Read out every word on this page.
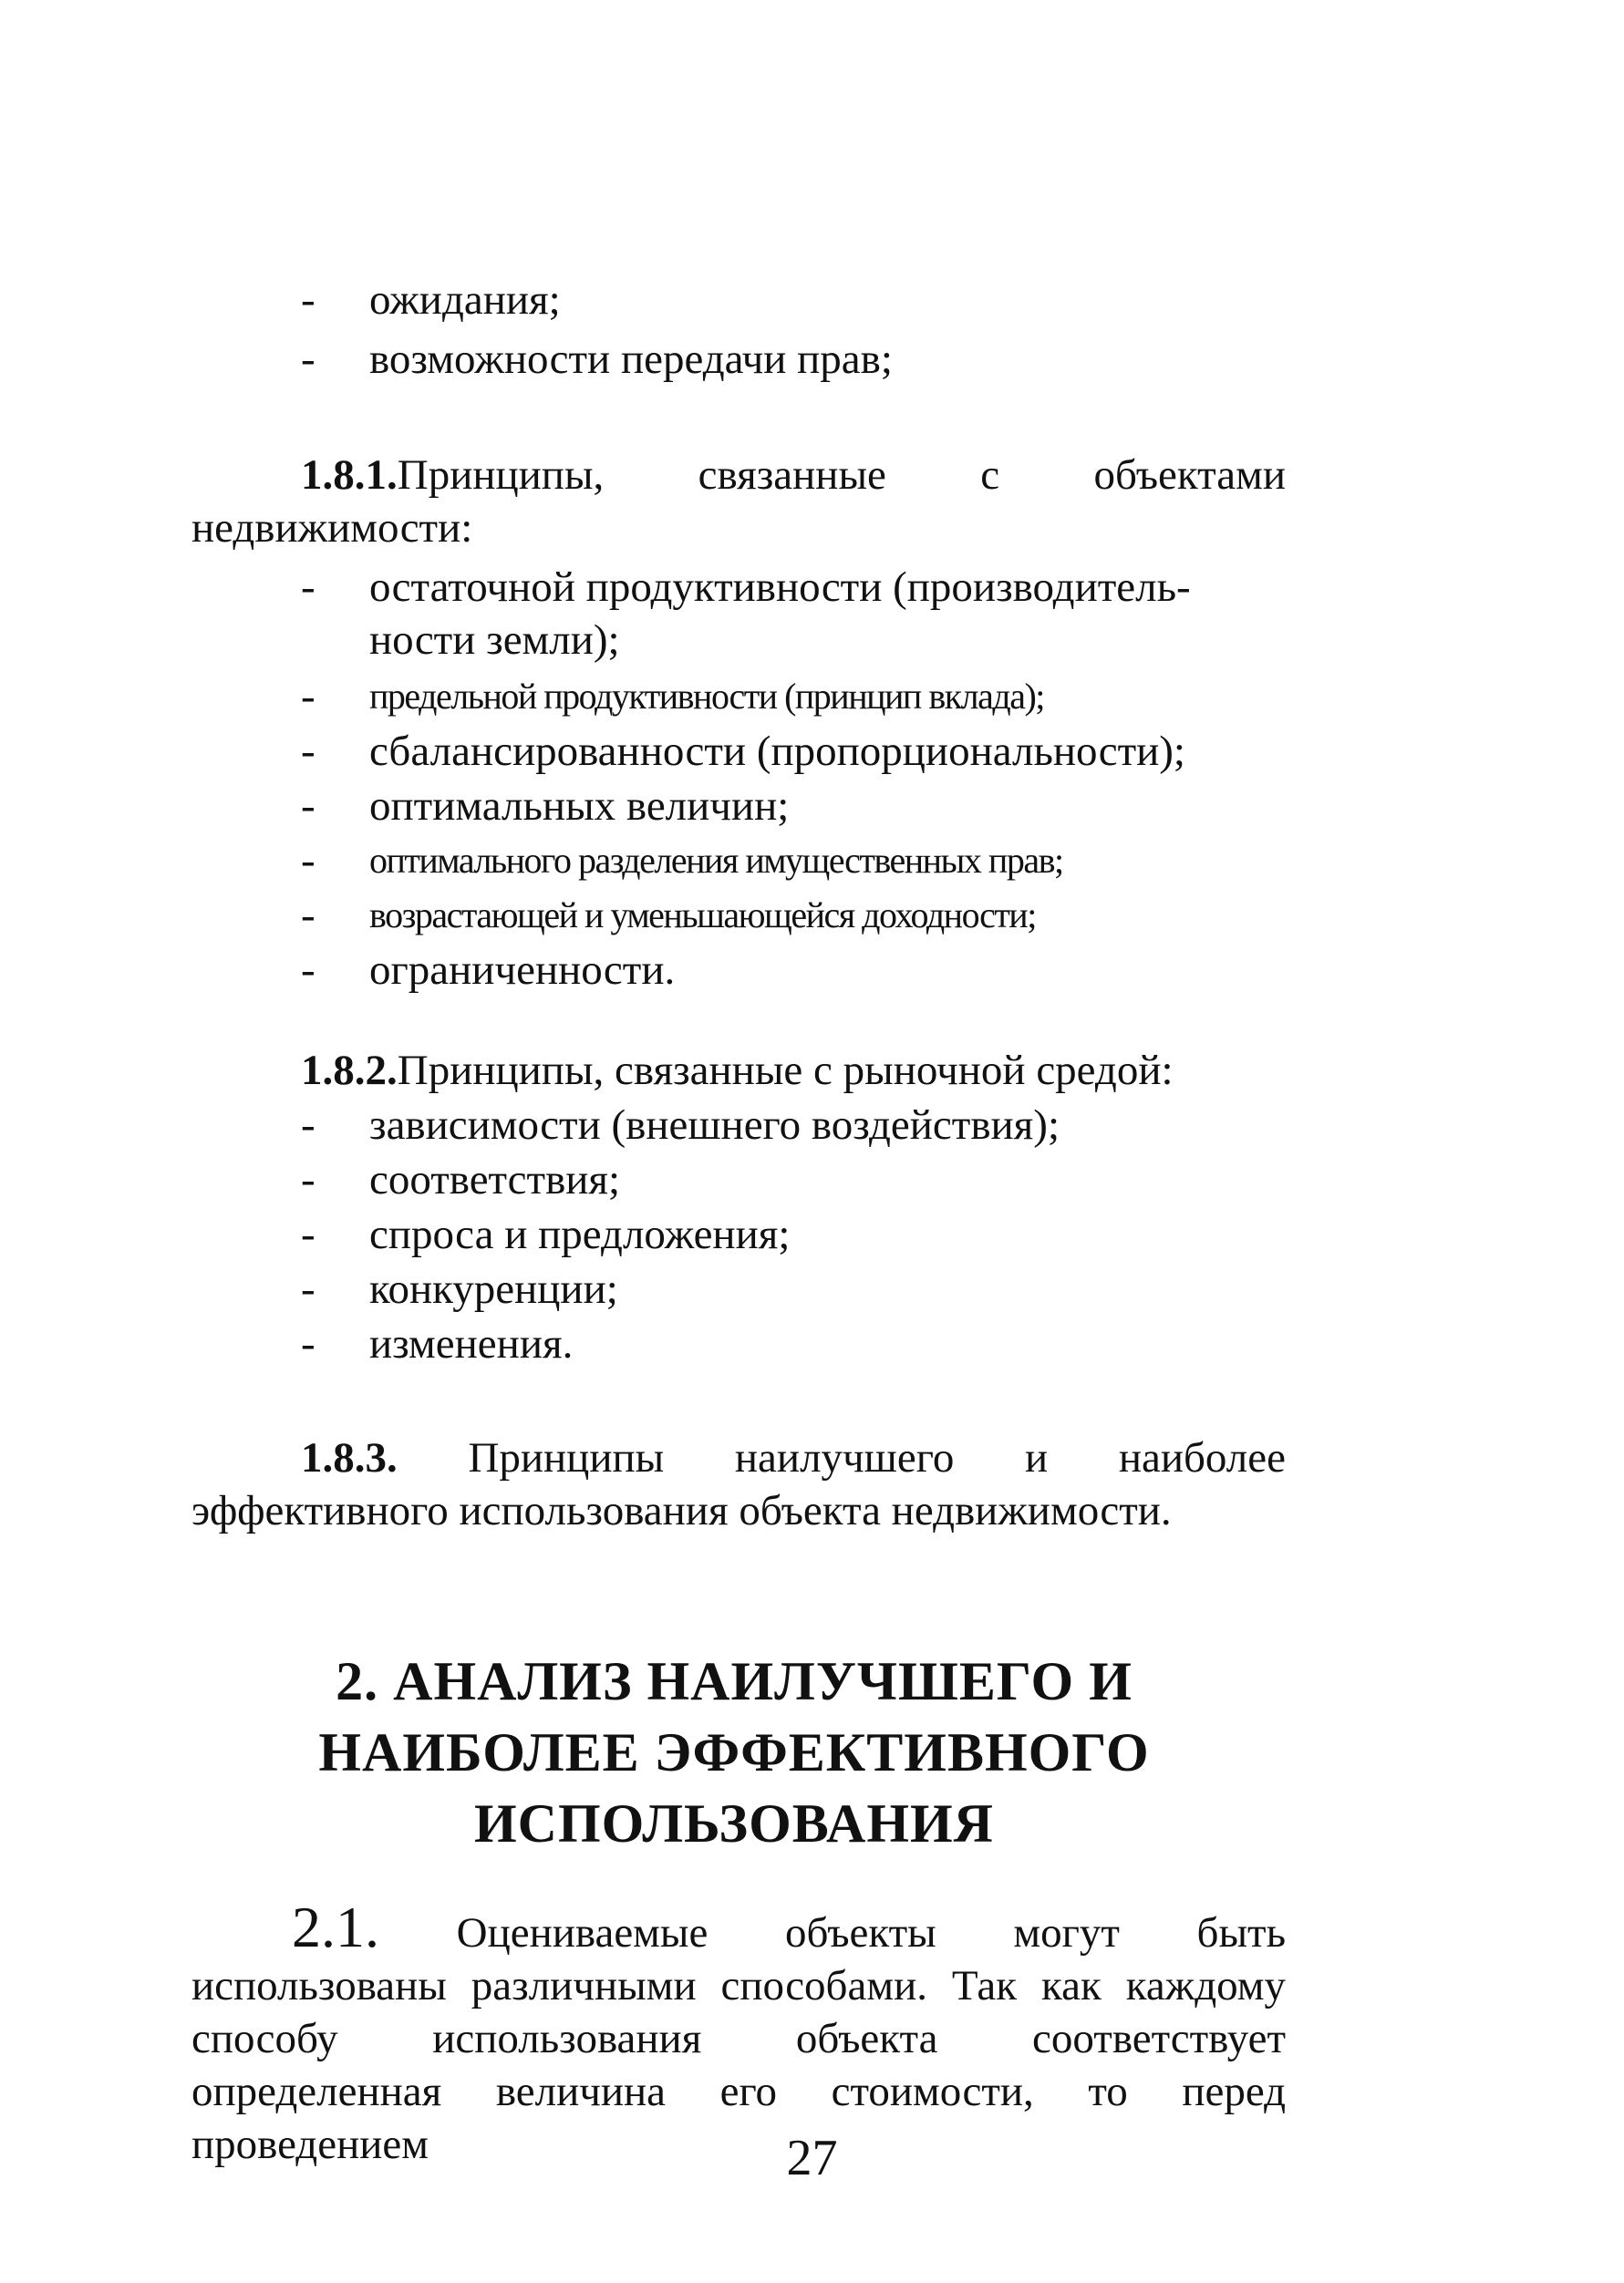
- ожидания;
- возможности передачи прав;
1.8.1.Принципы, связанные с объектами недвижимости:
- остаточной продуктивности (производитель-
ности земли);
- предельной продуктивности (принцип вклада);
- сбалансированности (пропорциональности);
- оптимальных величин;
- оптимального разделения имущественных прав;
- возрастающей и уменьшающейся доходности;
- ограниченности.
1.8.2.Принципы, связанные с рыночной средой:
- зависимости (внешнего воздействия);
- соответствия;
- спроса и предложения;
- конкуренции;
- изменения.
1.8.3. Принципы наилучшего и наиболее эффективного использования объекта недвижимости.
2. АНАЛИЗ НАИЛУЧШЕГО И
НАИБОЛЕЕ ЭФФЕКТИВНОГО
ИСПОЛЬЗОВАНИЯ
2.1. Оцениваемые объекты могут быть использованы различными способами. Так как каждому способу использования объекта соответствует определенная величина его стоимости, то перед проведением	27
